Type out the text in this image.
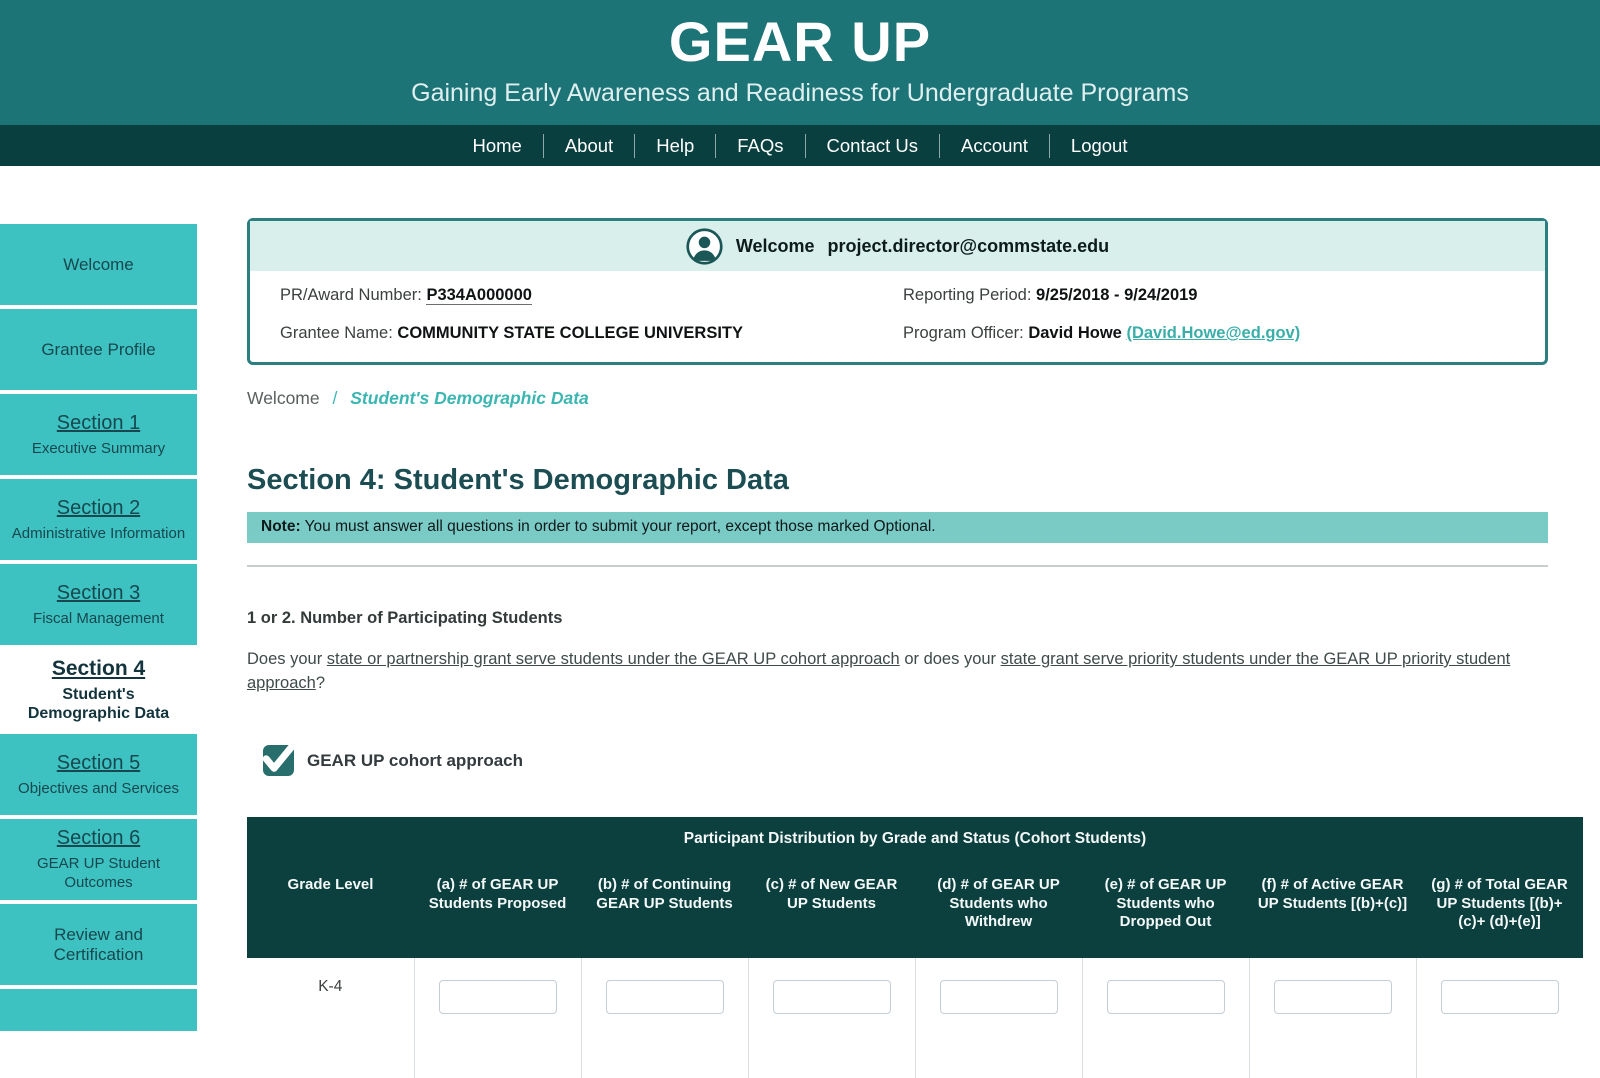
GEAR UP
Gaining Early Awareness and Readiness for Undergraduate Programs
Home	About	Help	FAQs	Contact Us	Account	Logout
Welcome
Grantee Profile
Section 1
Executive Summary
Section 2
Administrative Information
Section 3
Fiscal Management
Section 4
Student's Demographic Data
Section 5
Objectives and Services
Section 6
GEAR UP Student Outcomes
Review and Certification
Welcome project.director@commstate.edu
PR/Award Number: P334A000000	Reporting Period: 9/25/2018 - 9/24/2019
Grantee Name: COMMUNITY STATE COLLEGE UNIVERSITY	Program Officer: David Howe (David.Howe@ed.gov)
Welcome / Student's Demographic Data
Section 4: Student's Demographic Data
Note: You must answer all questions in order to submit your report, except those marked Optional.
1 or 2. Number of Participating Students
Does your state or partnership grant serve students under the GEAR UP cohort approach or does your state grant serve priority students under the GEAR UP priority student approach?
GEAR UP cohort approach
Participant Distribution by Grade and Status (Cohort Students)							
Grade Level	(a) # of GEAR UP Students Proposed	(b) # of Continuing GEAR UP Students	(c) # of New GEAR UP Students	(d) # of GEAR UP Students who Withdrew	(e) # of GEAR UP Students who Dropped Out	(f) # of Active GEAR UP Students [(b)+(c)]	(g) # of Total GEAR UP Students [(b)+(c)+ (d)+(e)]
K-4							
